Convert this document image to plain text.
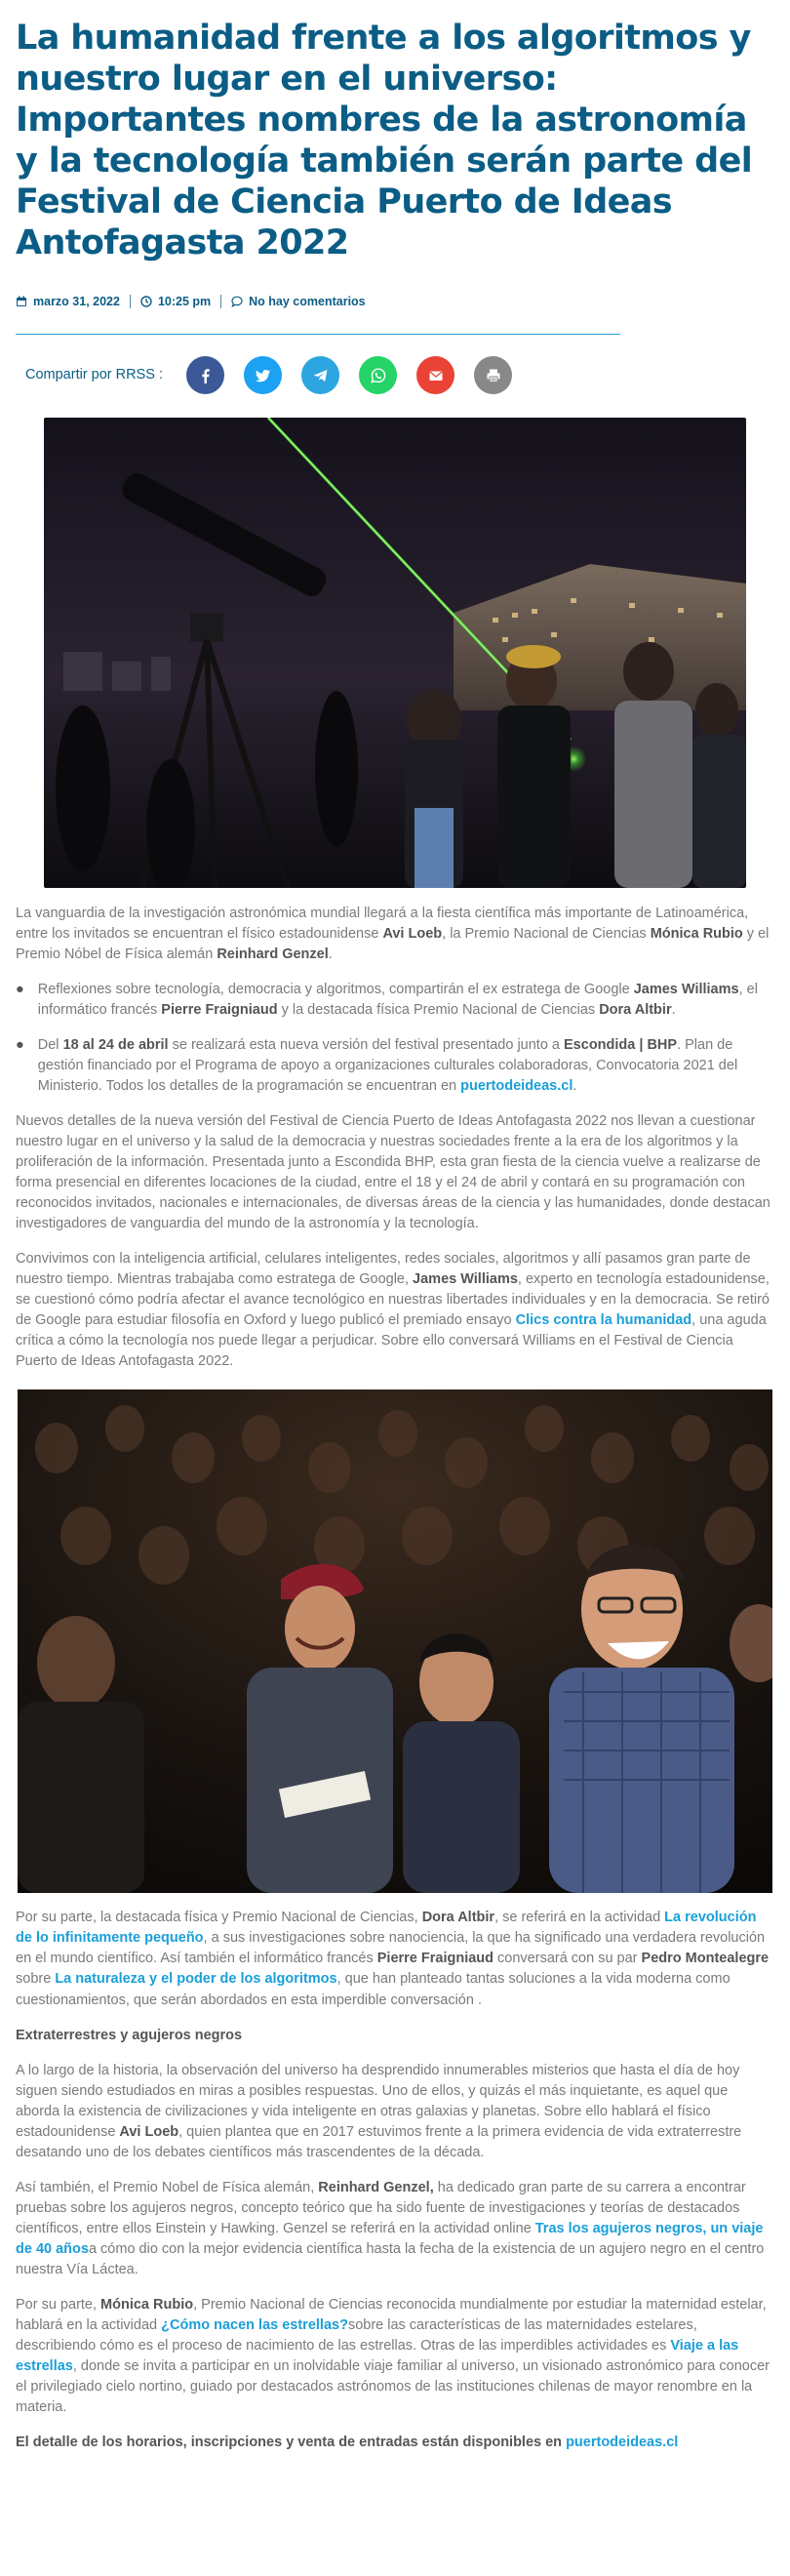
La humanidad frente a los algoritmos y nuestro lugar en el universo: Importantes nombres de la astronomía y la tecnología también serán parte del Festival de Ciencia Puerto de Ideas Antofagasta 2022
marzo 31, 2022	10:25 pm	No hay comentarios
Compartir por RRSS :

La vanguardia de la investigación astronómica mundial llegará a la fiesta científica más importante de Latinoamérica, entre los invitados se encuentran el físico estadounidense Avi Loeb, la Premio Nacional de Ciencias Mónica Rubio y el Premio Nóbel de Física alemán Reinhard Genzel.

● Reflexiones sobre tecnología, democracia y algoritmos, compartirán el ex estratega de Google James Williams, el informático francés Pierre Fraigniaud y la destacada física Premio Nacional de Ciencias Dora Altbir.

● Del 18 al 24 de abril se realizará esta nueva versión del festival presentado junto a Escondida | BHP. Plan de gestión financiado por el Programa de apoyo a organizaciones culturales colaboradoras, Convocatoria 2021 del Ministerio. Todos los detalles de la programación se encuentran en puertodeideas.cl.

Nuevos detalles de la nueva versión del Festival de Ciencia Puerto de Ideas Antofagasta 2022 nos llevan a cuestionar nuestro lugar en el universo y la salud de la democracia y nuestras sociedades frente a la era de los algoritmos y la proliferación de la información. Presentada junto a Escondida BHP, esta gran fiesta de la ciencia vuelve a realizarse de forma presencial en diferentes locaciones de la ciudad, entre el 18 y el 24 de abril y contará en su programación con reconocidos invitados, nacionales e internacionales, de diversas áreas de la ciencia y las humanidades, donde destacan investigadores de vanguardia del mundo de la astronomía y la tecnología.

Convivimos con la inteligencia artificial, celulares inteligentes, redes sociales, algoritmos y allí pasamos gran parte de nuestro tiempo. Mientras trabajaba como estratega de Google, James Williams, experto en tecnología estadounidense, se cuestionó cómo podría afectar el avance tecnológico en nuestras libertades individuales y en la democracia. Se retiró de Google para estudiar filosofía en Oxford y luego publicó el premiado ensayo Clics contra la humanidad, una aguda crítica a cómo la tecnología nos puede llegar a perjudicar. Sobre ello conversará Williams en el Festival de Ciencia Puerto de Ideas Antofagasta 2022.

Por su parte, la destacada física y Premio Nacional de Ciencias, Dora Altbir, se referirá en la actividad La revolución de lo infinitamente pequeño, a sus investigaciones sobre nanociencia, la que ha significado una verdadera revolución en el mundo científico. Así también el informático francés Pierre Fraigniaud conversará con su par Pedro Montealegre sobre La naturaleza y el poder de los algoritmos, que han planteado tantas soluciones a la vida moderna como cuestionamientos, que serán abordados en esta imperdible conversación .

Extraterrestres y agujeros negros

A lo largo de la historia, la observación del universo ha desprendido innumerables misterios que hasta el día de hoy siguen siendo estudiados en miras a posibles respuestas. Uno de ellos, y quizás el más inquietante, es aquel que aborda la existencia de civilizaciones y vida inteligente en otras galaxias y planetas. Sobre ello hablará el físico estadounidense Avi Loeb, quien plantea que en 2017 estuvimos frente a la primera evidencia de vida extraterrestre desatando uno de los debates científicos más trascendentes de la década.

Así también, el Premio Nobel de Física alemán, Reinhard Genzel, ha dedicado gran parte de su carrera a encontrar pruebas sobre los agujeros negros, concepto teórico que ha sido fuente de investigaciones y teorías de destacados científicos, entre ellos Einstein y Hawking. Genzel se referirá en la actividad online Tras los agujeros negros, un viaje de 40 añosa cómo dio con la mejor evidencia científica hasta la fecha de la existencia de un agujero negro en el centro nuestra Vía Láctea.

Por su parte, Mónica Rubio, Premio Nacional de Ciencias reconocida mundialmente por estudiar la maternidad estelar, hablará en la actividad ¿Cómo nacen las estrellas?sobre las características de las maternidades estelares, describiendo cómo es el proceso de nacimiento de las estrellas. Otras de las imperdibles actividades es Viaje a las estrellas, donde se invita a participar en un inolvidable viaje familiar al universo, un visionado astronómico para conocer el privilegiado cielo nortino, guiado por destacados astrónomos de las instituciones chilenas de mayor renombre en la materia.

El detalle de los horarios, inscripciones y venta de entradas están disponibles en puertodeideas.cl
